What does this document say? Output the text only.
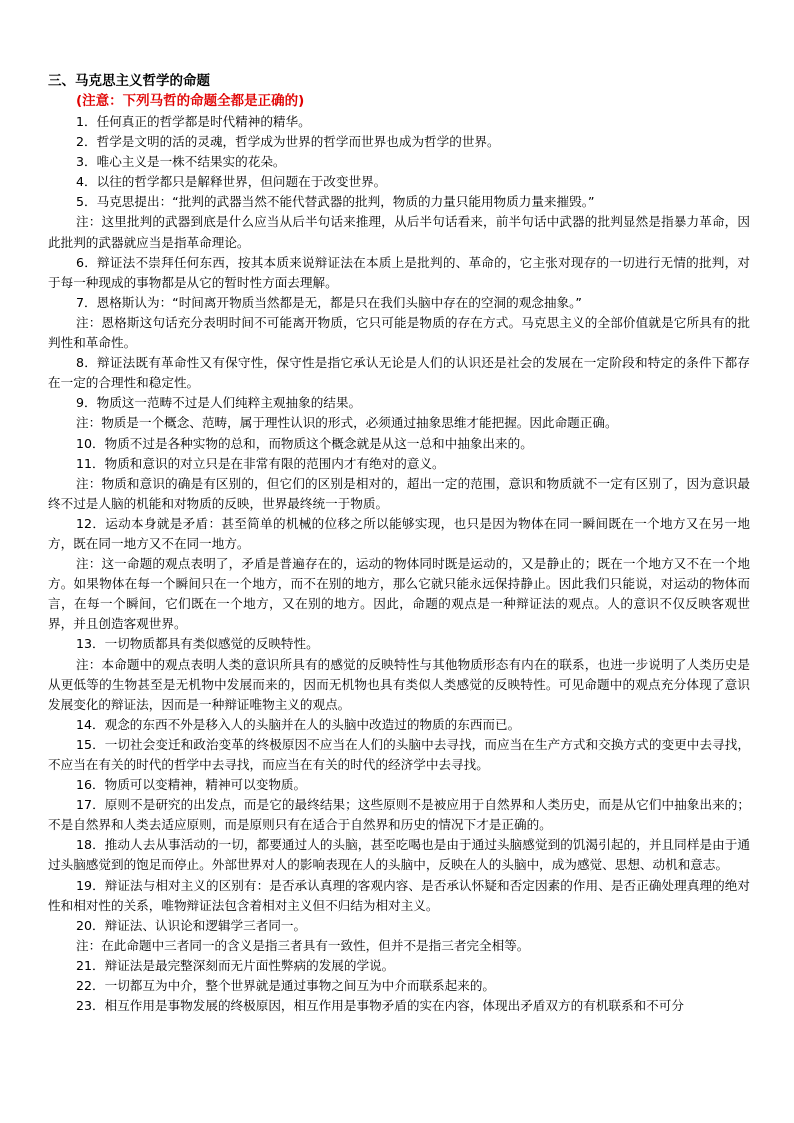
三、马克思主义哲学的命题
(注意：下列马哲的命题全都是正确的)

1．任何真正的哲学都是时代精神的精华。

2．哲学是文明的活的灵魂，哲学成为世界的哲学而世界也成为哲学的世界。

3．唯心主义是一株不结果实的花朵。

4．以往的哲学都只是解释世界，但问题在于改变世界。

5．马克思提出：“批判的武器当然不能代替武器的批判，物质的力量只能用物质力量来摧毁。”

注：这里批判的武器到底是什么应当从后半句话来推理，从后半句话看来，前半句话中武器的批判显然是指暴力革命，因此批判的武器就应当是指革命理论。

6．辩证法不崇拜任何东西，按其本质来说辩证法在本质上是批判的、革命的，它主张对现存的一切进行无情的批判，对于每一种现成的事物都是从它的暂时性方面去理解。

7．恩格斯认为：“时间离开物质当然都是无，都是只在我们头脑中存在的空洞的观念抽象。”

注：恩格斯这句话充分表明时间不可能离开物质，它只可能是物质的存在方式。马克思主义的全部价值就是它所具有的批判性和革命性。

8．辩证法既有革命性又有保守性，保守性是指它承认无论是人们的认识还是社会的发展在一定阶段和特定的条件下都存在一定的合理性和稳定性。

9．物质这一范畴不过是人们纯粹主观抽象的结果。

注：物质是一个概念、范畴，属于理性认识的形式，必须通过抽象思维才能把握。因此命题正确。

10．物质不过是各种实物的总和，而物质这个概念就是从这一总和中抽象出来的。

11．物质和意识的对立只是在非常有限的范围内才有绝对的意义。

注：物质和意识的确是有区别的，但它们的区别是相对的，超出一定的范围，意识和物质就不一定有区别了，因为意识最终不过是人脑的机能和对物质的反映，世界最终统一于物质。

12．运动本身就是矛盾：甚至简单的机械的位移之所以能够实现，也只是因为物体在同一瞬间既在一个地方又在另一地方，既在同一地方又不在同一地方。

注：这一命题的观点表明了，矛盾是普遍存在的，运动的物体同时既是运动的，又是静止的；既在一个地方又不在一个地方。如果物体在每一个瞬间只在一个地方，而不在别的地方，那么它就只能永远保持静止。因此我们只能说，对运动的物体而言，在每一个瞬间，它们既在一个地方，又在别的地方。因此，命题的观点是一种辩证法的观点。人的意识不仅反映客观世界，并且创造客观世界。

13．一切物质都具有类似感觉的反映特性。

注：本命题中的观点表明人类的意识所具有的感觉的反映特性与其他物质形态有内在的联系，也进一步说明了人类历史是从更低等的生物甚至是无机物中发展而来的，因而无机物也具有类似人类感觉的反映特性。可见命题中的观点充分体现了意识发展变化的辩证法，因而是一种辩证唯物主义的观点。

14．观念的东西不外是移入人的头脑并在人的头脑中改造过的物质的东西而已。

15．一切社会变迁和政治变革的终极原因不应当在人们的头脑中去寻找，而应当在生产方式和交换方式的变更中去寻找，不应当在有关的时代的哲学中去寻找，而应当在有关的时代的经济学中去寻找。

16．物质可以变精神，精神可以变物质。

17．原则不是研究的出发点，而是它的最终结果；这些原则不是被应用于自然界和人类历史，而是从它们中抽象出来的；不是自然界和人类去适应原则，而是原则只有在适合于自然界和历史的情况下才是正确的。

18．推动人去从事活动的一切，都要通过人的头脑，甚至吃喝也是由于通过头脑感觉到的饥渴引起的，并且同样是由于通过头脑感觉到的饱足而停止。外部世界对人的影响表现在人的头脑中，反映在人的头脑中，成为感觉、思想、动机和意志。

19．辩证法与相对主义的区别有：是否承认真理的客观内容、是否承认怀疑和否定因素的作用、是否正确处理真理的绝对性和相对性的关系，唯物辩证法包含着相对主义但不归结为相对主义。

20．辩证法、认识论和逻辑学三者同一。

注：在此命题中三者同一的含义是指三者具有一致性，但并不是指三者完全相等。

21．辩证法是最完整深刻而无片面性弊病的发展的学说。

22．一切都互为中介，整个世界就是通过事物之间互为中介而联系起来的。

23．相互作用是事物发展的终极原因，相互作用是事物矛盾的实在内容，体现出矛盾双方的有机联系和不可分
